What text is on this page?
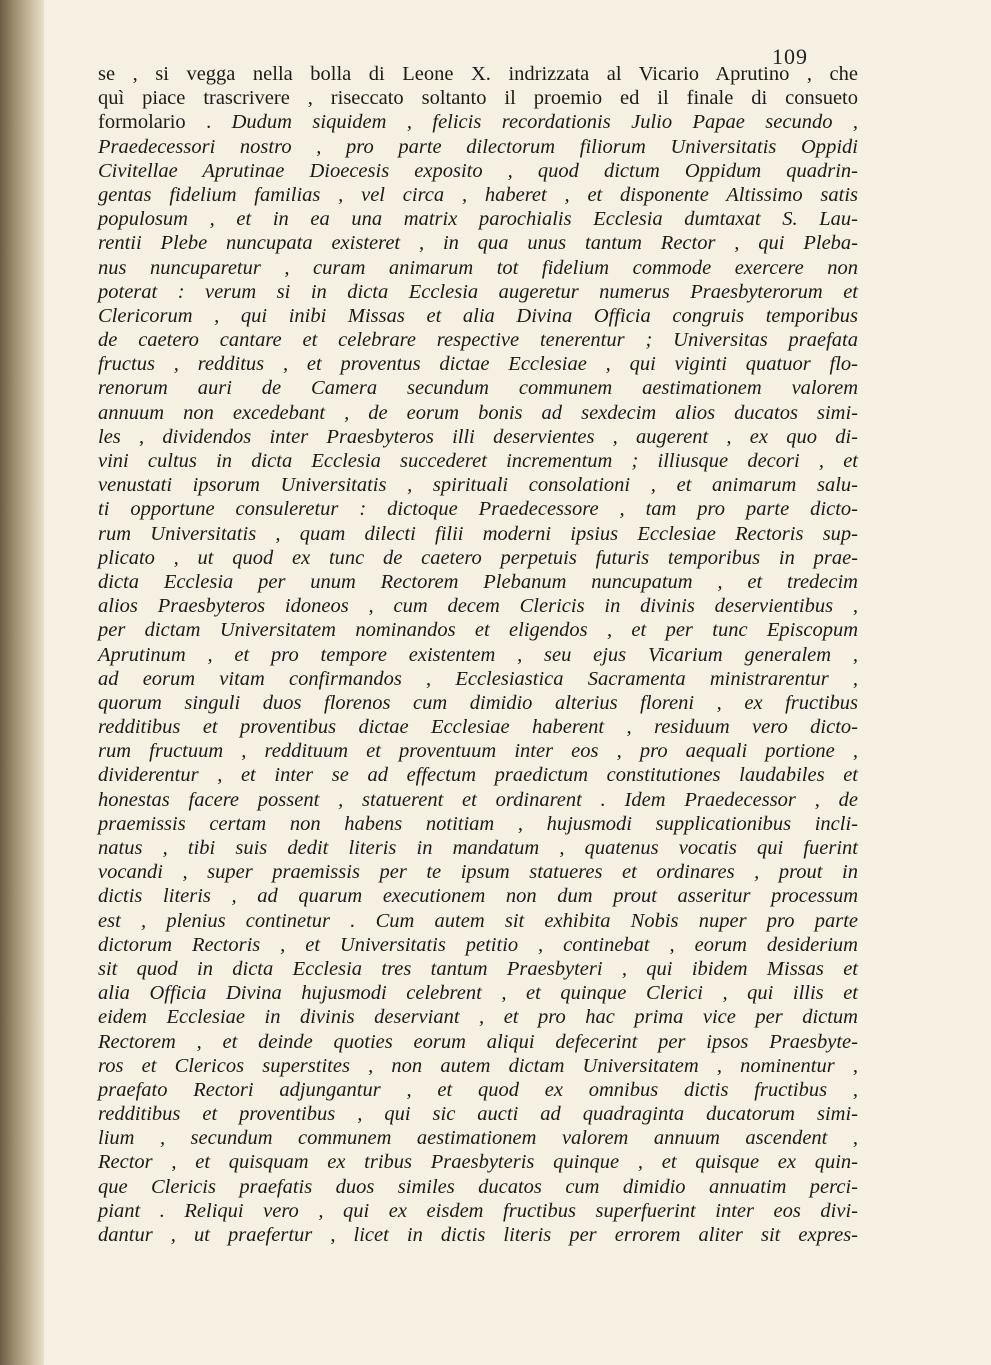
109
se , si vegga nella bolla di Leone X. indrizzata al Vicario Aprutino , che
quì piace trascrivere , riseccato soltanto il proemio ed il finale di consueto
formolario . Dudum siquidem , felicis recordationis Julio Papae secundo ,
Praedecessori nostro , pro parte dilectorum filiorum Universitatis Oppidi
Civitellae Aprutinae Dioecesis exposito , quod dictum Oppidum quadrin-
gentas fidelium familias , vel circa , haberet , et disponente Altissimo satis
populosum , et in ea una matrix parochialis Ecclesia dumtaxat S. Lau-
rentii Plebe nuncupata existeret , in qua unus tantum Rector , qui Pleba-
nus nuncuparetur , curam animarum tot fidelium commode exercere non
poterat : verum si in dicta Ecclesia augeretur numerus Praesbyterorum et
Clericorum , qui inibi Missas et alia Divina Officia congruis temporibus
de caetero cantare et celebrare respective tenerentur ; Universitas praefata
fructus , redditus , et proventus dictae Ecclesiae , qui viginti quatuor flo-
renorum auri de Camera secundum communem aestimationem valorem
annuum non excedebant , de eorum bonis ad sexdecim alios ducatos simi-
les , dividendos inter Praesbyteros illi deservientes , augerent , ex quo di-
vini cultus in dicta Ecclesia succederet incrementum ; illiusque decori , et
venustati ipsorum Universitatis , spirituali consolationi , et animarum salu-
ti opportune consuleretur : dictoque Praedecessore , tam pro parte dicto-
rum Universitatis , quam dilecti filii moderni ipsius Ecclesiae Rectoris sup-
plicato , ut quod ex tunc de caetero perpetuis futuris temporibus in prae-
dicta Ecclesia per unum Rectorem Plebanum nuncupatum , et tredecim
alios Praesbyteros idoneos , cum decem Clericis in divinis deservientibus ,
per dictam Universitatem nominandos et eligendos , et per tunc Episcopum
Aprutinum , et pro tempore existentem , seu ejus Vicarium generalem ,
ad eorum vitam confirmandos , Ecclesiastica Sacramenta ministrarentur ,
quorum singuli duos florenos cum dimidio alterius floreni , ex fructibus
redditibus et proventibus dictae Ecclesiae haberent , residuum vero dicto-
rum fructuum , reddituum et proventuum inter eos , pro aequali portione ,
dividerentur , et inter se ad effectum praedictum constitutiones laudabiles et
honestas facere possent , statuerent et ordinarent . Idem Praedecessor , de
praemissis certam non habens notitiam , hujusmodi supplicationibus incli-
natus , tibi suis dedit literis in mandatum , quatenus vocatis qui fuerint
vocandi , super praemissis per te ipsum statueres et ordinares , prout in
dictis literis , ad quarum executionem non dum prout asseritur processum
est , plenius continetur . Cum autem sit exhibita Nobis nuper pro parte
dictorum Rectoris , et Universitatis petitio , continebat , eorum desiderium
sit quod in dicta Ecclesia tres tantum Praesbyteri , qui ibidem Missas et
alia Officia Divina hujusmodi celebrent , et quinque Clerici , qui illis et
eidem Ecclesiae in divinis deserviant , et pro hac prima vice per dictum
Rectorem , et deinde quoties eorum aliqui defecerint per ipsos Praesbyte-
ros et Clericos superstites , non autem dictam Universitatem , nominentur ,
praefato Rectori adjungantur , et quod ex omnibus dictis fructibus ,
redditibus et proventibus , qui sic aucti ad quadraginta ducatorum simi-
lium , secundum communem aestimationem valorem annuum ascendent ,
Rector , et quisquam ex tribus Praesbyteris quinque , et quisque ex quin-
que Clericis praefatis duos similes ducatos cum dimidio annuatim perci-
piant . Reliqui vero , qui ex eisdem fructibus superfuerint inter eos divi-
dantur , ut praefertur , licet in dictis literis per errorem aliter sit expres-
